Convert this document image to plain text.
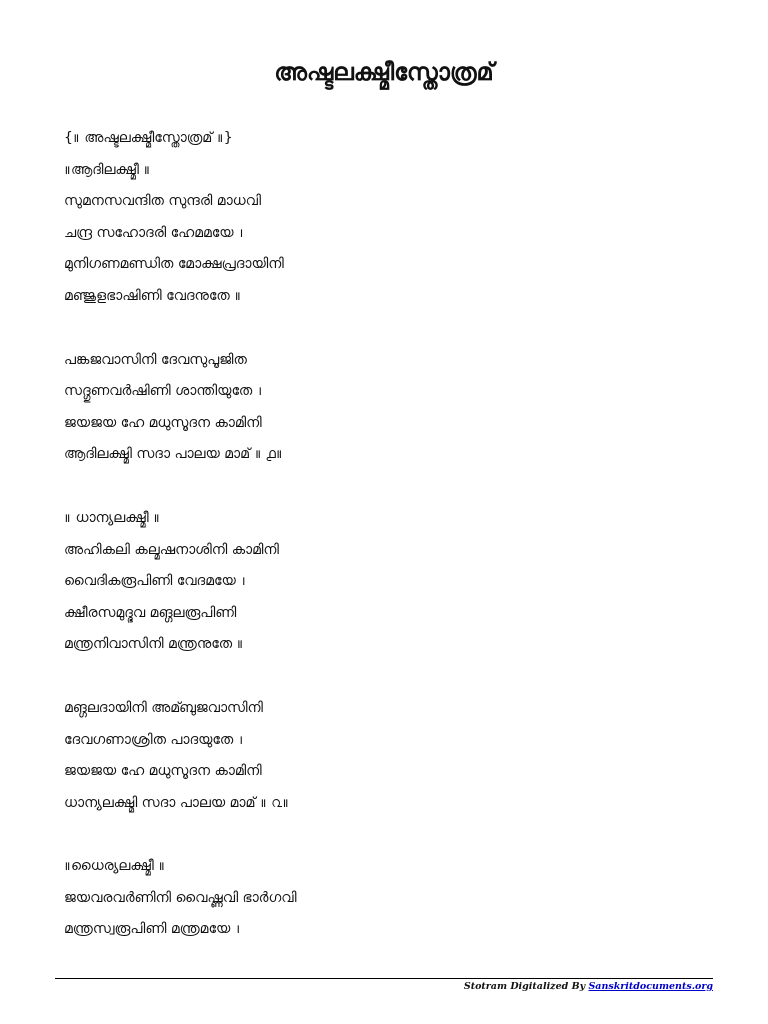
അഷ്ടലക്ഷ്മീസ്തോത്രമ്
{॥ അഷ്ടലക്ഷ്മീസ്തോത്രമ് ॥}
॥ആദിലക്ഷ്മീ ॥
സുമനസവന്ദിത സുന്ദരി മാധവി
ചന്ദ്ര സഹോദരി ഹേമമയേ ।
മുനിഗണമണ്ഡിത മോക്ഷപ്രദായിനി
മഞ്ജുളഭാഷിണി വേദനുതേ ॥
പങ്കജവാസിനി ദേവസുപൂജിത
സദ്ഗുണവർഷിണി ശാന്തിയുതേ ।
ജയജയ ഹേ മധുസൂദന കാമിനി
ആദിലക്ഷ്മി സദാ പാലയ മാമ് ॥ ൧॥
॥ ധാന്യലക്ഷ്മീ ॥
അഹികലി കല്മഷനാശിനി കാമിനി
വൈദികരൂപിണി വേദമയേ ।
ക്ഷീരസമുദ്ഭവ മങ്ഗലരൂപിണി
മന്ത്രനിവാസിനി മന്ത്രനുതേ ॥
മങ്ഗലദായിനി അമ്ബുജവാസിനി
ദേവഗണാശ്രിത പാദയുതേ ।
ജയജയ ഹേ മധുസൂദന കാമിനി
ധാന്യലക്ഷ്മി സദാ പാലയ മാമ് ॥ ൨॥
॥ധൈര്യലക്ഷ്മീ ॥
ജയവരവർണിനി വൈഷ്ണവി ഭാർഗവി
മന്ത്രസ്വരൂപിണി മന്ത്രമയേ ।
Stotram Digitalized By Sanskritdocuments.org
